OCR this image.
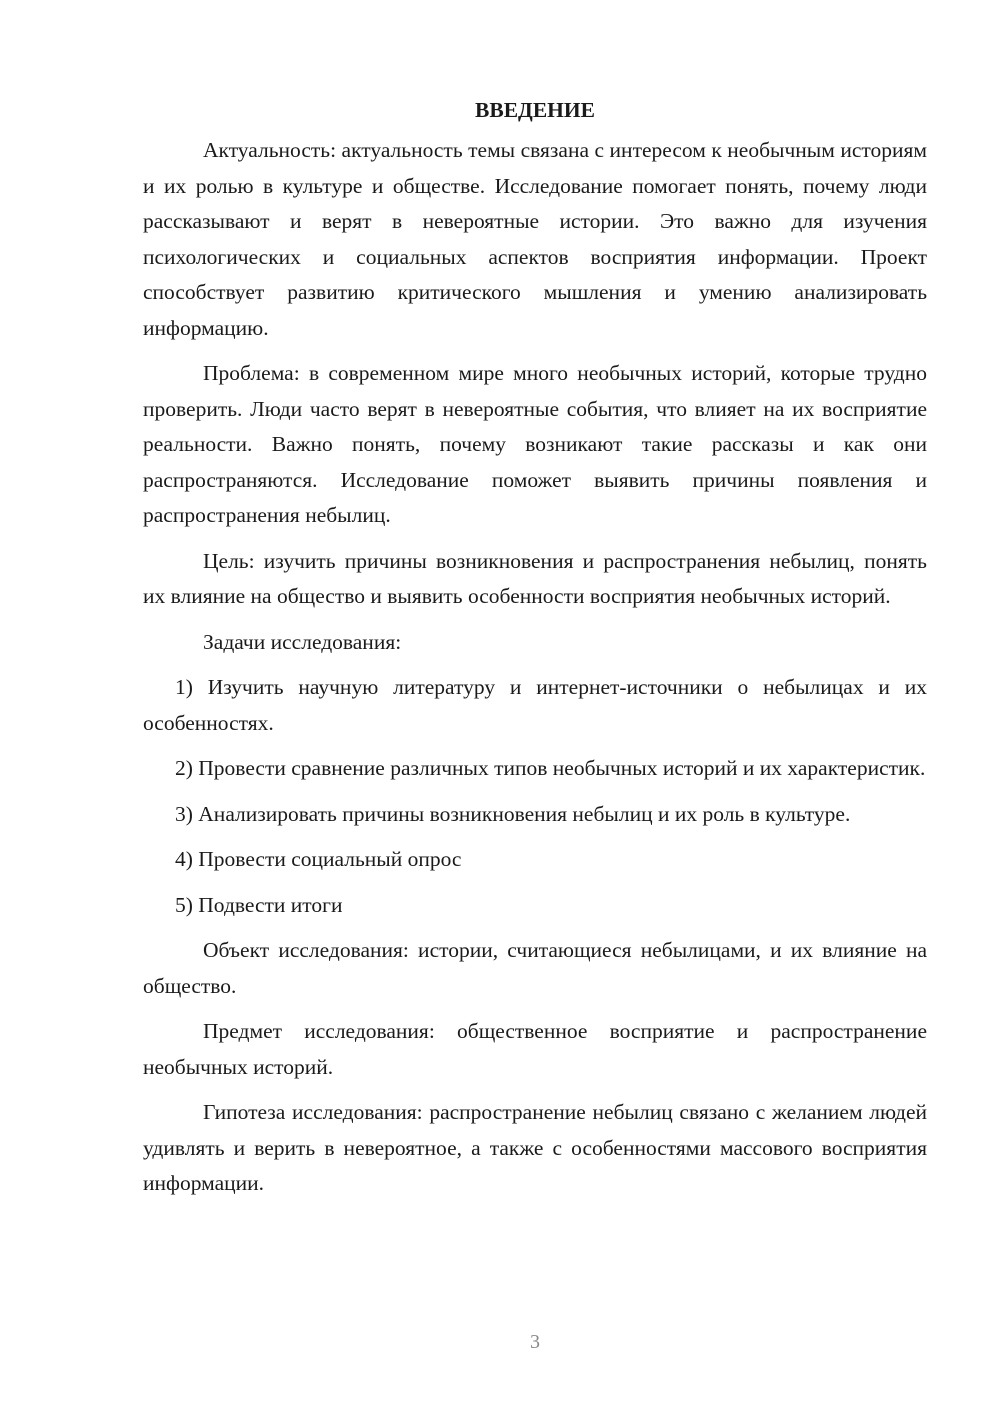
ВВЕДЕНИЕ

Актуальность: актуальность темы связана с интересом к необычным историям и их ролью в культуре и обществе. Исследование помогает понять, почему люди рассказывают и верят в невероятные истории. Это важно для изучения психологических и социальных аспектов восприятия информации. Проект способствует развитию критического мышления и умению анализировать информацию.

Проблема: в современном мире много необычных историй, которые трудно проверить. Люди часто верят в невероятные события, что влияет на их восприятие реальности. Важно понять, почему возникают такие рассказы и как они распространяются. Исследование поможет выявить причины появления и распространения небылиц.

Цель: изучить причины возникновения и распространения небылиц, понять их влияние на общество и выявить особенности восприятия необычных историй.

Задачи исследования:

1) Изучить научную литературу и интернет-источники о небылицах и их особенностях.

2) Провести сравнение различных типов необычных историй и их характеристик.

3) Анализировать причины возникновения небылиц и их роль в культуре.

4) Провести социальный опрос

5) Подвести итоги

Объект исследования: истории, считающиеся небылицами, и их влияние на общество.

Предмет исследования: общественное восприятие и распространение необычных историй.

Гипотеза исследования: распространение небылиц связано с желанием людей удивлять и верить в невероятное, а также с особенностями массового восприятия информации.

3
